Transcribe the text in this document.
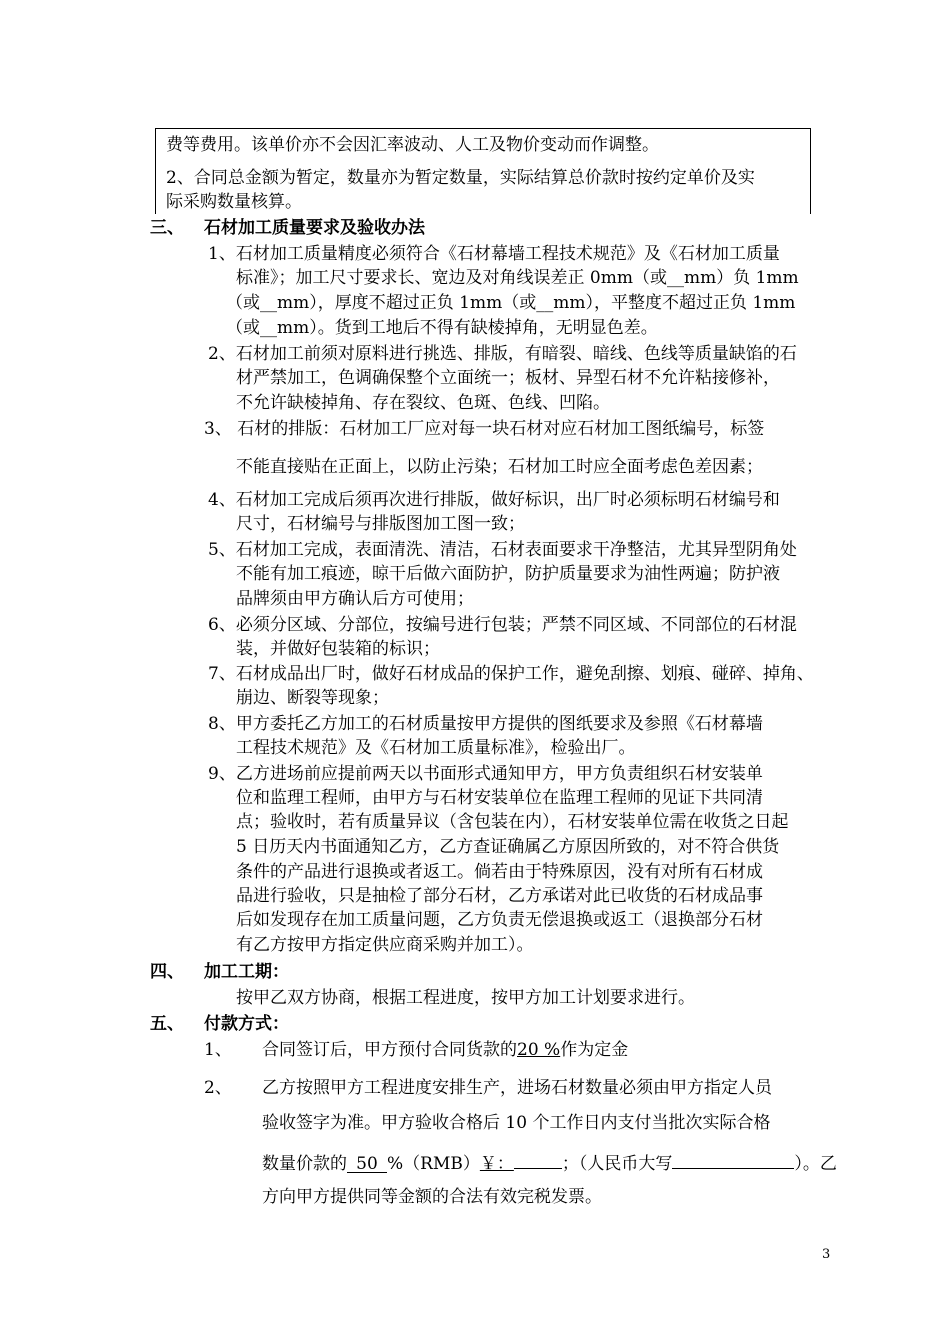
费等费用。该单价亦不会因汇率波动、人工及物价变动而作调整。
2、合同总金额为暂定，数量亦为暂定数量，实际结算总价款时按约定单价及实
际采购数量核算。
三、 石材加工质量要求及验收办法
1、石材加工质量精度必须符合《石材幕墙工程技术规范》及《石材加工质量
标准》；加工尺寸要求长、宽边及对角线误差正 0mm（或__mm）负 1mm
（或__mm），厚度不超过正负 1mm（或__mm），平整度不超过正负 1mm
（或__mm）。货到工地后不得有缺棱掉角，无明显色差。
2、石材加工前须对原料进行挑选、排版，有暗裂、暗线、色线等质量缺馅的石
材严禁加工，色调确保整个立面统一；板材、异型石材不允许粘接修补，
不允许缺棱掉角、存在裂纹、色斑、色线、凹陷。
3、 石材的排版：石材加工厂应对每一块石材对应石材加工图纸编号，标签
不能直接贴在正面上，以防止污染；石材加工时应全面考虑色差因素；
4、石材加工完成后须再次进行排版，做好标识，出厂时必须标明石材编号和
尺寸，石材编号与排版图加工图一致；
5、石材加工完成，表面清洗、清洁，石材表面要求干净整洁，尤其异型阴角处
不能有加工痕迹，晾干后做六面防护，防护质量要求为油性两遍；防护液
品牌须由甲方确认后方可使用；
6、必须分区域、分部位，按编号进行包装；严禁不同区域、不同部位的石材混
装，并做好包装箱的标识；
7、石材成品出厂时，做好石材成品的保护工作，避免刮擦、划痕、碰碎、掉角、
崩边、断裂等现象；
8、甲方委托乙方加工的石材质量按甲方提供的图纸要求及参照《石材幕墙
工程技术规范》及《石材加工质量标准》，检验出厂。
9、乙方进场前应提前两天以书面形式通知甲方，甲方负责组织石材安装单
位和监理工程师，由甲方与石材安装单位在监理工程师的见证下共同清
点；验收时，若有质量异议（含包装在内），石材安装单位需在收货之日起
5 日历天内书面通知乙方，乙方查证确属乙方原因所致的，对不符合供货
条件的产品进行退换或者返工。倘若由于特殊原因，没有对所有石材成
品进行验收，只是抽检了部分石材，乙方承诺对此已收货的石材成品事
后如发现存在加工质量问题，乙方负责无偿退换或返工（退换部分石材
有乙方按甲方指定供应商采购并加工）。
四、 加工工期：
按甲乙双方协商，根据工程进度，按甲方加工计划要求进行。
五、 付款方式：
1、 合同签订后，甲方预付合同货款的20 %作为定金
2、 乙方按照甲方工程进度安排生产，进场石材数量必须由甲方指定人员
验收签字为准。甲方验收合格后 10 个工作日内支付当批次实际合格
数量价款的 50 %（RMB）￥：	；（人民币大写	）。乙
方向甲方提供同等金额的合法有效完税发票。
3
